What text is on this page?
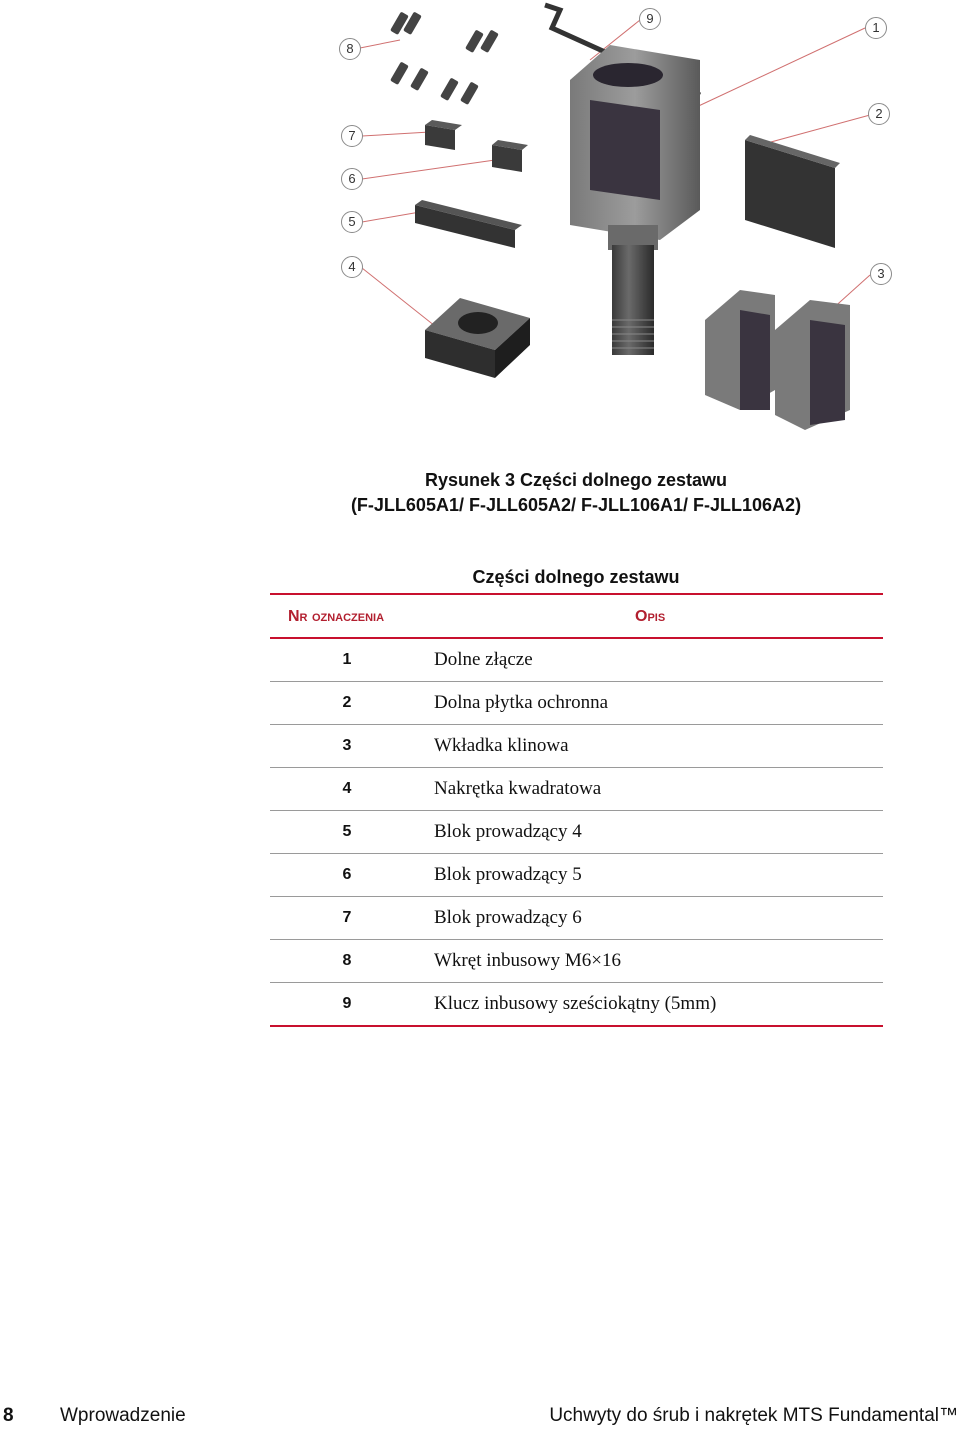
1
2
3
4
5
6
7
8
9
Rysunek 3 Części dolnego zestawu
(F-JLL605A1/ F-JLL605A2/ F-JLL106A1/ F-JLL106A2)
Części dolnego zestawu
Nr oznaczenia	Opis
1	Dolne złącze
2	Dolna płytka ochronna
3	Wkładka klinowa
4	Nakrętka kwadratowa
5	Blok prowadzący 4
6	Blok prowadzący 5
7	Blok prowadzący 6
8	Wkręt inbusowy M6×16
9	Klucz inbusowy sześciokątny (5mm)
8 Wprowadzenie	Uchwyty do śrub i nakrętek MTS Fundamental™
